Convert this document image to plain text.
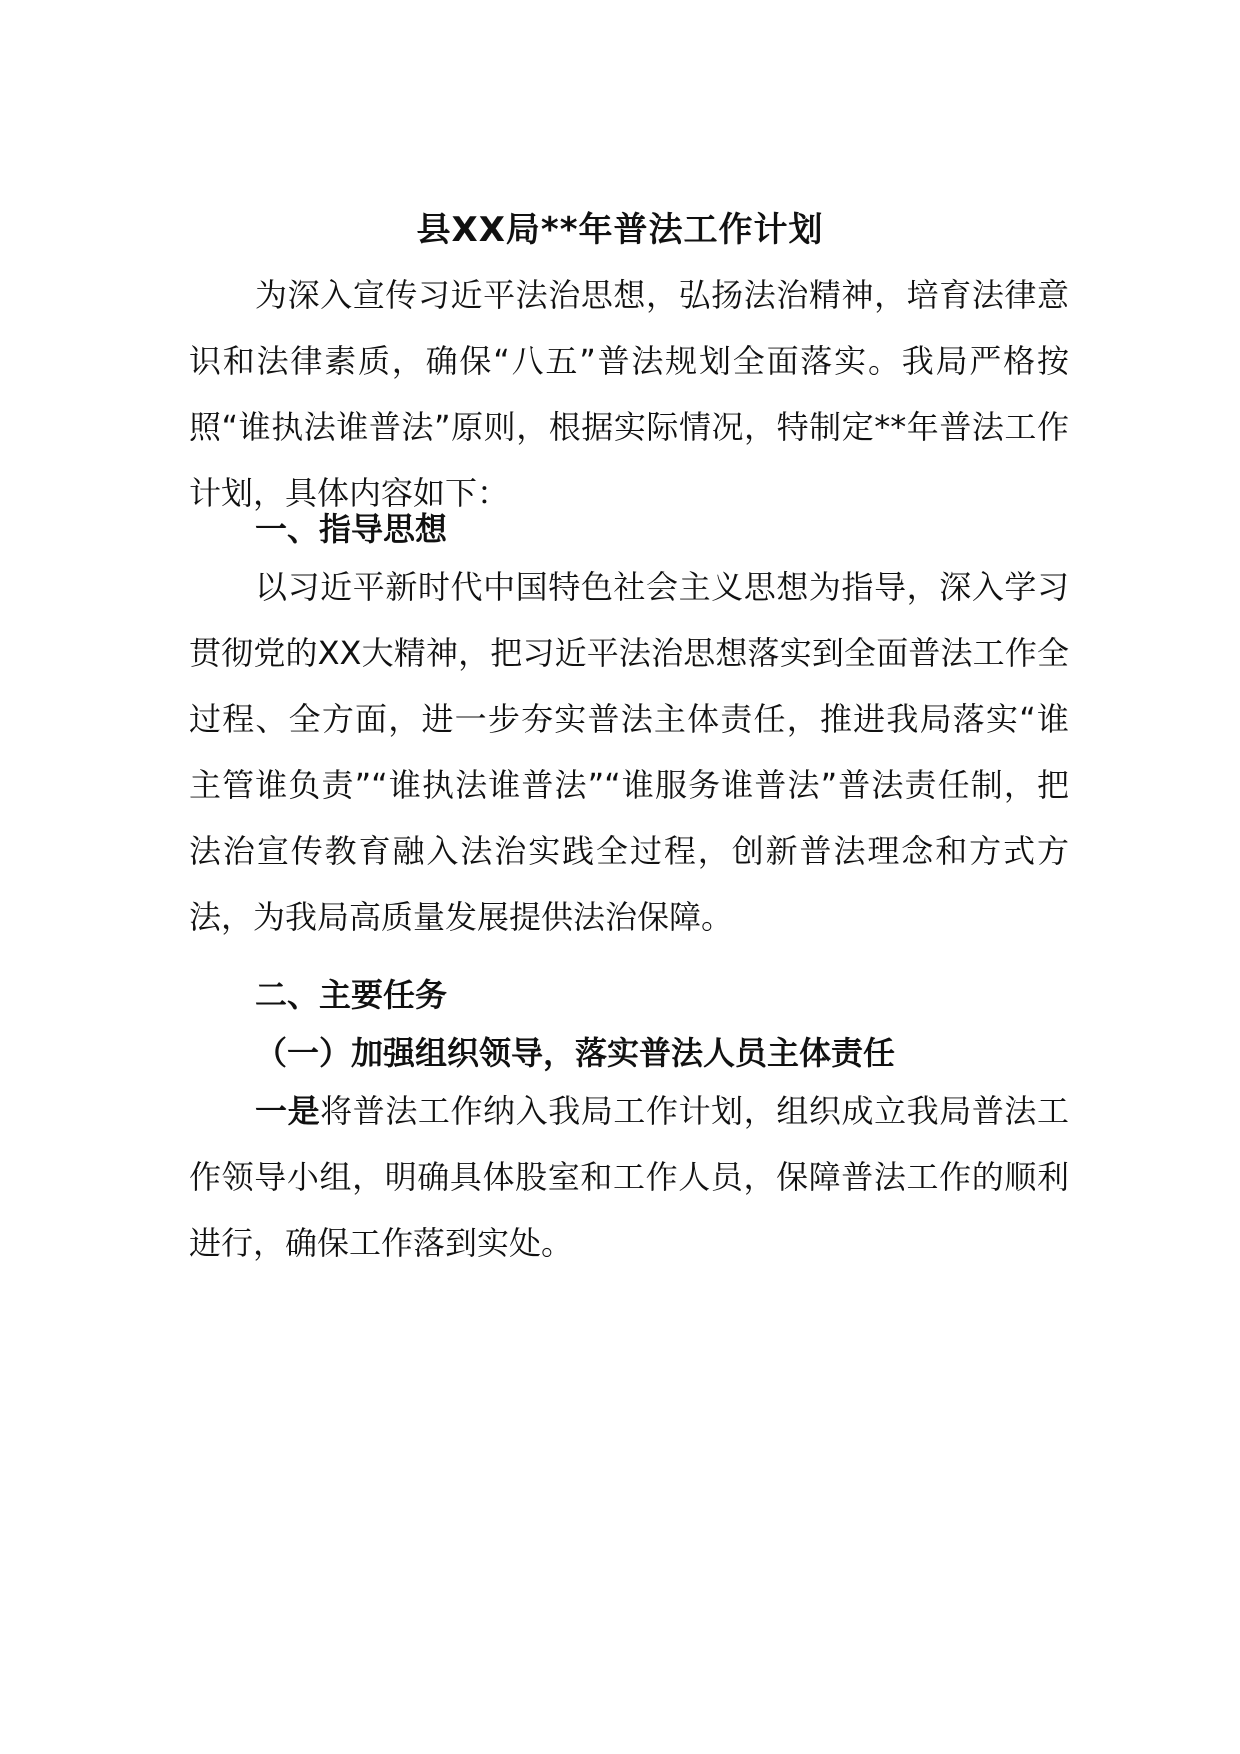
县XX局**年普法工作计划

为深入宣传习近平法治思想，弘扬法治精神，培育法律意识和法律素质，确保“八五”普法规划全面落实。我局严格按照“谁执法谁普法”原则，根据实际情况，特制定**年普法工作计划，具体内容如下：

一、指导思想

以习近平新时代中国特色社会主义思想为指导，深入学习贯彻党的XX大精神，把习近平法治思想落实到全面普法工作全过程、全方面，进一步夯实普法主体责任，推进我局落实“谁主管谁负责”“谁执法谁普法”“谁服务谁普法”普法责任制，把法治宣传教育融入法治实践全过程，创新普法理念和方式方法，为我局高质量发展提供法治保障。

二、主要任务

（一）加强组织领导，落实普法人员主体责任

一是将普法工作纳入我局工作计划，组织成立我局普法工作领导小组，明确具体股室和工作人员，保障普法工作的顺利进行，确保工作落到实处。
